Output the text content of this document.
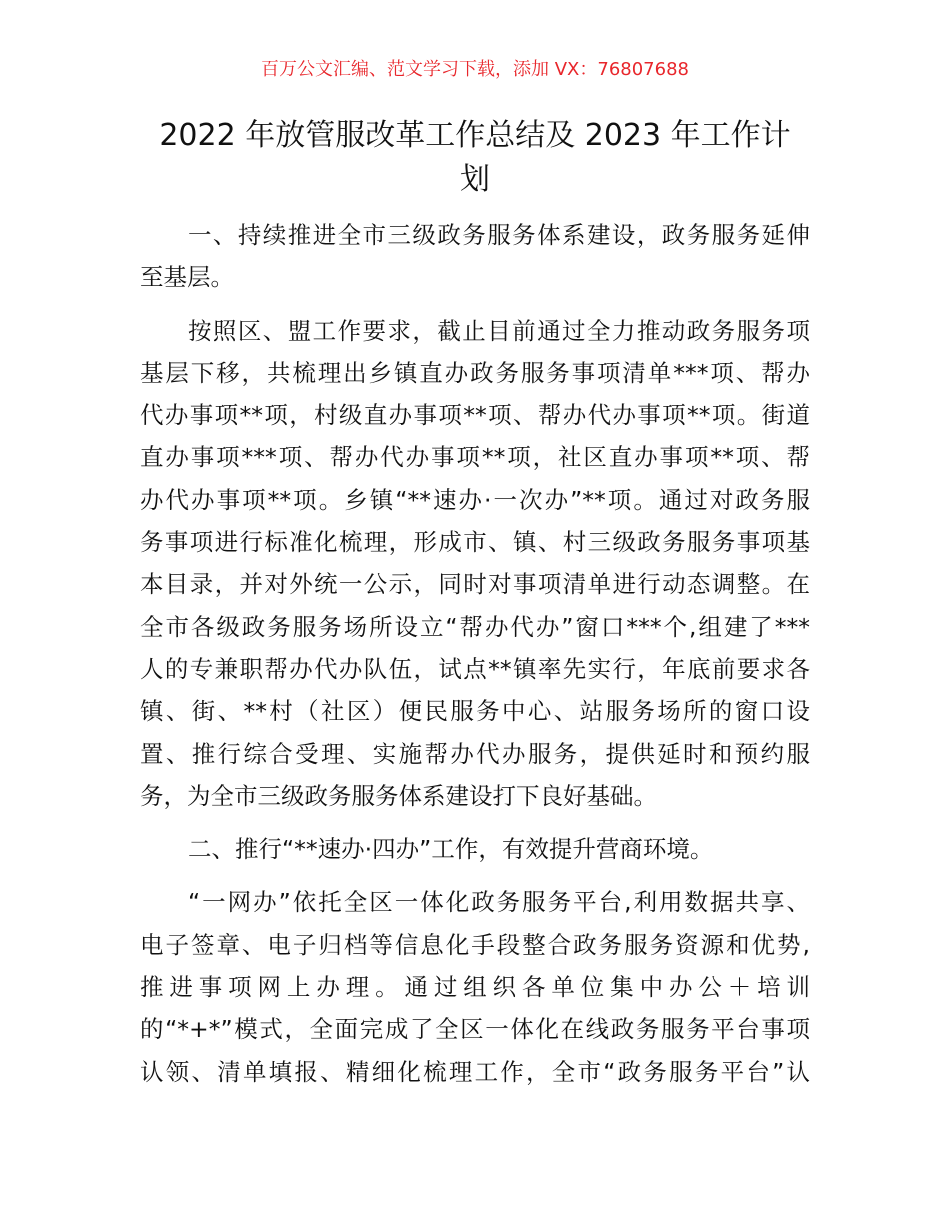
百万公文汇编、范文学习下载，添加 VX：76807688
2022 年放管服改革工作总结及 2023 年工作计
划
一、持续推进全市三级政务服务体系建设，政务服务延伸
至基层。
按照区、盟工作要求，截止目前通过全力推动政务服务项
基层下移，共梳理出乡镇直办政务服务事项清单***项、帮办
代办事项**项，村级直办事项**项、帮办代办事项**项。街道
直办事项***项、帮办代办事项**项，社区直办事项**项、帮
办代办事项**项。乡镇“**速办·一次办”**项。通过对政务服
务事项进行标准化梳理，形成市、镇、村三级政务服务事项基
本目录，并对外统一公示，同时对事项清单进行动态调整。在
全市各级政务服务场所设立“帮办代办”窗口***个,组建了***
人的专兼职帮办代办队伍，试点**镇率先实行，年底前要求各
镇、街、**村（社区）便民服务中心、站服务场所的窗口设
置、推行综合受理、实施帮办代办服务，提供延时和预约服
务，为全市三级政务服务体系建设打下良好基础。
二、推行“**速办·四办”工作，有效提升营商环境。
“一网办”依托全区一体化政务服务平台,利用数据共享、
电子签章、电子归档等信息化手段整合政务服务资源和优势,
推进事项网上办理。通过组织各单位集中办公＋培训
的“*+*”模式，全面完成了全区一体化在线政务服务平台事项
认领、清单填报、精细化梳理工作，全市“政务服务平台”认
